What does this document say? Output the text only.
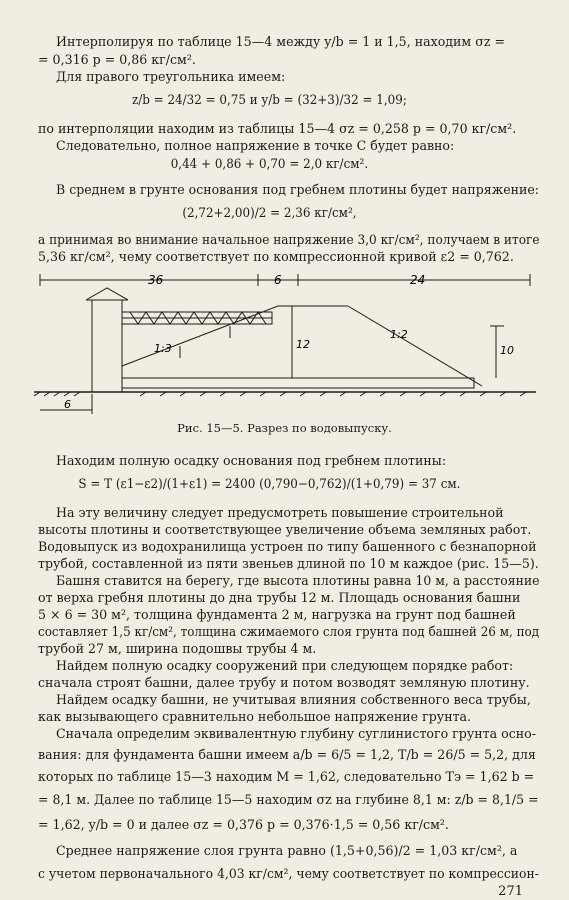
Интерполируя по таблице 15—4 между y/b = 1 и 1,5, находим σz =
= 0,316 p = 0,86 кг/см².
Для правого треугольника имеем:
z/b = 24/32 = 0,75 и y/b = (32+3)/32 = 1,09;
по интерполяции находим из таблицы 15—4 σz = 0,258 p = 0,70 кг/см².
Следовательно, полное напряжение в точке C будет равно:
0,44 + 0,86 + 0,70 = 2,0 кг/см².
В среднем в грунте основания под гребнем плотины будет напряжение:
(2,72+2,00)/2 = 2,36 кг/см²,
а принимая во внимание начальное напряжение 3,0 кг/см², получаем в итоге
5,36 кг/см², чему соответствует по компрессионной кривой ε2 = 0,762.
36	6	24
12	10
6
1:3
1:2
Рис. 15—5. Разрез по водовыпуску.
Находим полную осадку основания под гребнем плотины:
S = T (ε1−ε2)/(1+ε1) = 2400 (0,790−0,762)/(1+0,79) = 37 см.
На эту величину следует предусмотреть повышение строительной
высоты плотины и соответствующее увеличение объема земляных работ.
Водовыпуск из водохранилища устроен по типу башенного с безнапорной
трубой, составленной из пяти звеньев длиной по 10 м каждое (рис. 15—5).
Башня ставится на берегу, где высота плотины равна 10 м, а расстояние
от верха гребня плотины до дна трубы 12 м. Площадь основания башни
5 × 6 = 30 м², толщина фундамента 2 м, нагрузка на грунт под башней
составляет 1,5 кг/см², толщина сжимаемого слоя грунта под башней 26 м, под
трубой 27 м, ширина подошвы трубы 4 м.
Найдем полную осадку сооружений при следующем порядке работ:
сначала строят башни, далее трубу и потом возводят земляную плотину.
Найдем осадку башни, не учитывая влияния собственного веса трубы,
как вызывающего сравнительно небольшое напряжение грунта.
Сначала определим эквивалентную глубину суглинистого грунта осно-
вания: для фундамента башни имеем a/b = 6/5 = 1,2, T/b = 26/5 = 5,2, для
которых по таблице 15—3 находим M = 1,62, следовательно Tэ = 1,62 b =
= 8,1 м. Далее по таблице 15—5 находим σz на глубине 8,1 м: z/b = 8,1/5 =
= 1,62, y/b = 0 и далее σz = 0,376 p = 0,376·1,5 = 0,56 кг/см².
Среднее напряжение слоя грунта равно (1,5+0,56)/2 = 1,03 кг/см², а
с учетом первоначального 4,03 кг/см², чему соответствует по компрессион-
271
